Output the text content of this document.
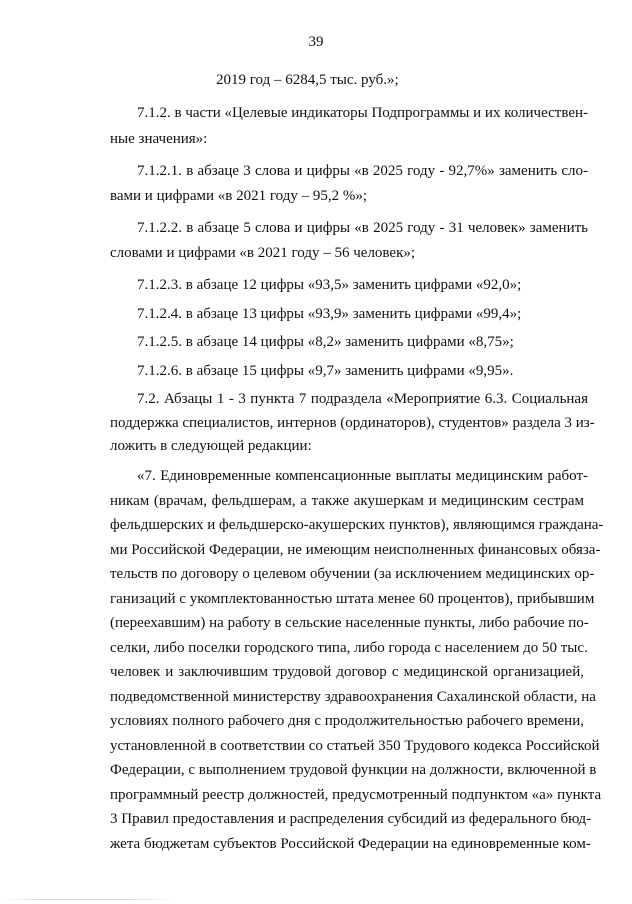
39
2019 год – 6284,5 тыс. руб.»;
7.1.2. в части «Целевые индикаторы Подпрограммы и их количествен-
ные значения»:
7.1.2.1. в абзаце 3 слова и цифры «в 2025 году - 92,7%» заменить сло-
вами и цифрами «в 2021 году – 95,2 %»;
7.1.2.2. в абзаце 5 слова и цифры «в 2025 году - 31 человек» заменить
словами и цифрами «в 2021 году – 56 человек»;
7.1.2.3. в абзаце 12 цифры «93,5» заменить цифрами «92,0»;
7.1.2.4. в абзаце 13 цифры «93,9» заменить цифрами «99,4»;
7.1.2.5. в абзаце 14 цифры «8,2» заменить цифрами «8,75»;
7.1.2.6. в абзаце 15 цифры «9,7» заменить цифрами «9,95».
7.2. Абзацы 1 - 3 пункта 7 подраздела «Мероприятие 6.3. Социальная
поддержка специалистов, интернов (ординаторов), студентов» раздела 3 из-
ложить в следующей редакции:
«7. Единовременные компенсационные выплаты медицинским работ-
никам (врачам, фельдшерам, а также акушеркам и медицинским сестрам
фельдшерских и фельдшерско-акушерских пунктов), являющимся граждана-
ми Российской Федерации, не имеющим неисполненных финансовых обяза-
тельств по договору о целевом обучении (за исключением медицинских ор-
ганизаций с укомплектованностью штата менее 60 процентов), прибывшим
(переехавшим) на работу в сельские населенные пункты, либо рабочие по-
селки, либо поселки городского типа, либо города с населением до 50 тыс.
человек и заключившим трудовой договор с медицинской организацией,
подведомственной министерству здравоохранения Сахалинской области, на
условиях полного рабочего дня с продолжительностью рабочего времени,
установленной в соответствии со статьей 350 Трудового кодекса Российской
Федерации, с выполнением трудовой функции на должности, включенной в
программный реестр должностей, предусмотренный подпунктом «а» пункта
3 Правил предоставления и распределения субсидий из федерального бюд-
жета бюджетам субъектов Российской Федерации на единовременные ком-
